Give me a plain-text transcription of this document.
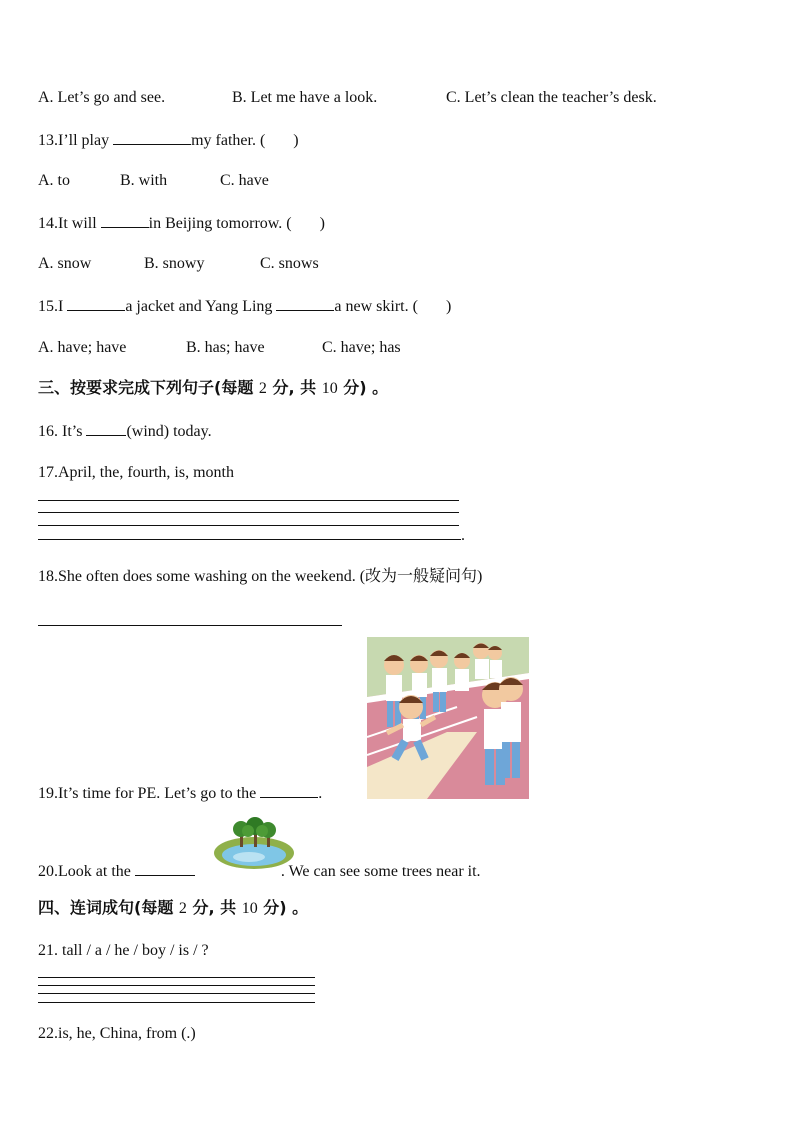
A. Let’s go and see.	B. Let me have a look.	C. Let’s clean the teacher’s desk.
13.I’ll play	my father. ( )
A. to	B. with	C. have
14.It will	in Beijing tomorrow. ( )
A. snow	B. snowy	C. snows
15.I	a jacket and Yang Ling	a new skirt. ( )
A. have; have	B. has; have	C. have; has
三、按要求完成下列句子(每题 2 分, 共 10 分) 。
16. It’s	(wind) today.
17.April, the, fourth, is, month
.
18.She often does some washing on the weekend. (改为一般疑问句)
19.It’s time for PE. Let’s go to the	.
20.Look at the	. We can see some trees near it.
四、连词成句(每题 2 分, 共 10 分) 。
21. tall / a / he / boy / is / ?
22.is, he, China, from (.)
